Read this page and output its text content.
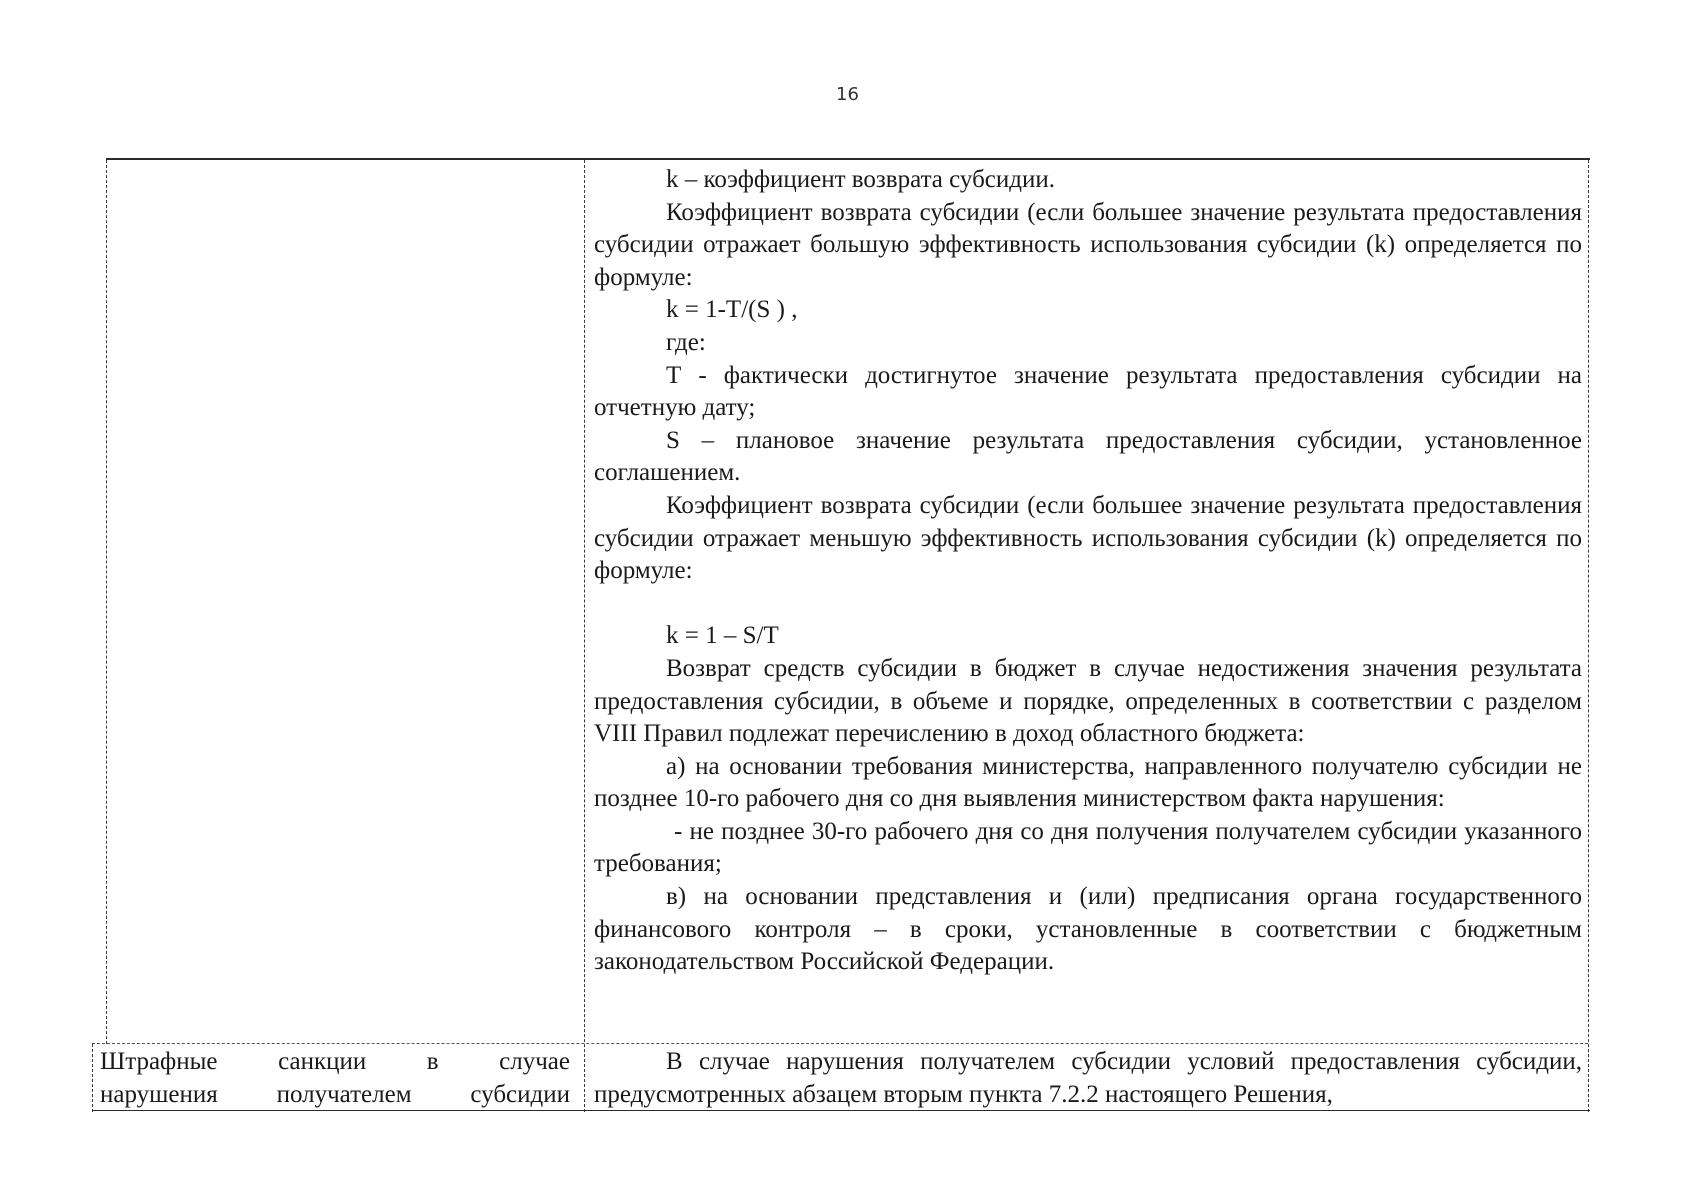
16

k – коэффициент возврата субсидии.

Коэффициент возврата субсидии (если большее значение результата предоставления субсидии отражает большую эффективность использования субсидии (k) определяется по формуле:

k = 1-T/(S ) ,

где:

Т - фактически достигнутое значение результата предоставления субсидии на отчетную дату;

S – плановое значение результата предоставления субсидии, установленное соглашением.

Коэффициент возврата субсидии (если большее значение результата предоставления субсидии отражает меньшую эффективность использования субсидии (k) определяется по формуле:

k = 1 – S/T

Возврат средств субсидии в бюджет в случае недостижения значения результата предоставления субсидии, в объеме и порядке, определенных в соответствии с разделом VIII Правил подлежат перечислению в доход областного бюджета:

а) на основании требования министерства, направленного получателю субсидии не позднее 10-го рабочего дня со дня выявления министерством факта нарушения:

- не позднее 30-го рабочего дня со дня получения получателем субсидии указанного требования;

в) на основании представления и (или) предписания органа государственного финансового контроля – в сроки, установленные в соответствии с бюджетным законодательством Российской Федерации.

Штрафные санкции в случае
нарушения получателем субсидии

В случае нарушения получателем субсидии условий предоставления субсидии, предусмотренных абзацем вторым пункта 7.2.2 настоящего Решения,
